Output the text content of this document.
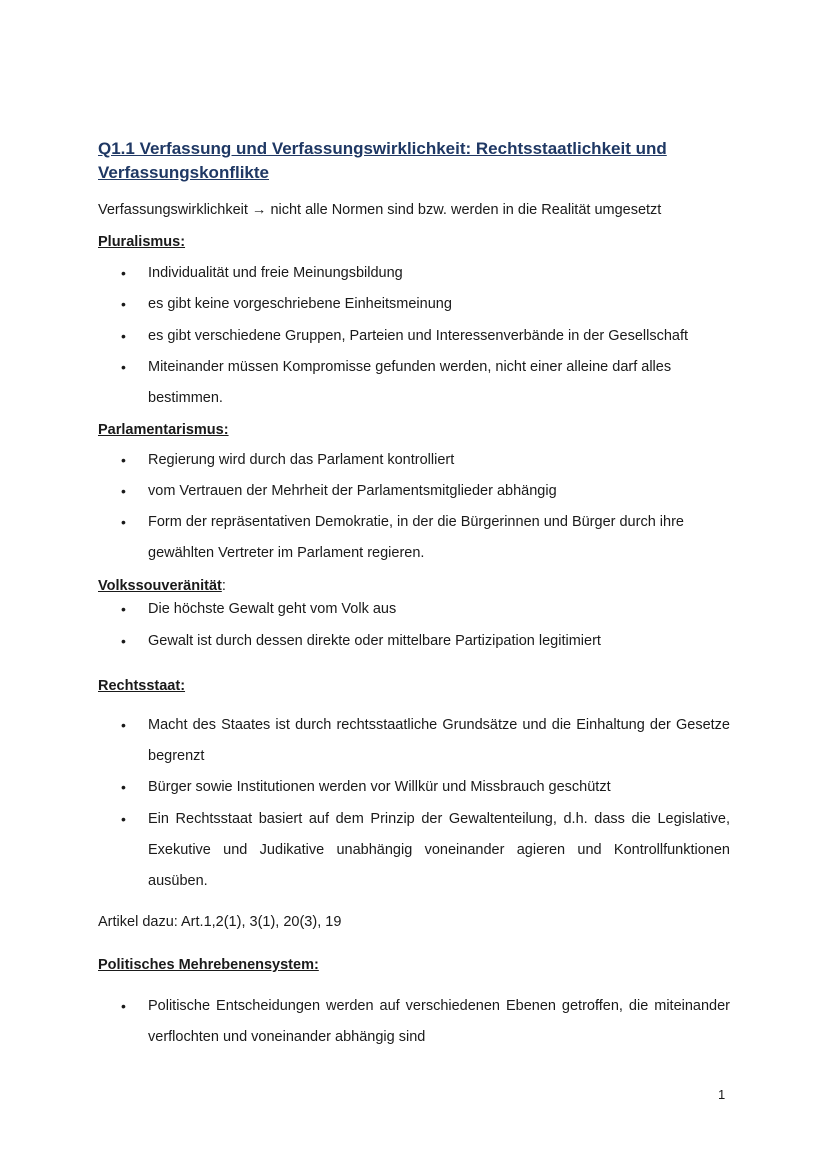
Q1.1 Verfassung und Verfassungswirklichkeit: Rechtsstaatlichkeit und Verfassungskonflikte

Verfassungswirklichkeit → nicht alle Normen sind bzw. werden in die Realität umgesetzt

Pluralismus:

•	Individualität und freie Meinungsbildung

•	es gibt keine vorgeschriebene Einheitsmeinung

•	es gibt verschiedene Gruppen, Parteien und Interessenverbände in der Gesellschaft

•	Miteinander müssen Kompromisse gefunden werden, nicht einer alleine darf alles bestimmen.

Parlamentarismus:

•	Regierung wird durch das Parlament kontrolliert

•	vom Vertrauen der Mehrheit der Parlamentsmitglieder abhängig

•	Form der repräsentativen Demokratie, in der die Bürgerinnen und Bürger durch ihre gewählten Vertreter im Parlament regieren.

Volkssouveränität:

•	Die höchste Gewalt geht vom Volk aus

•	Gewalt ist durch dessen direkte oder mittelbare Partizipation legitimiert

Rechtsstaat:

•	Macht des Staates ist durch rechtsstaatliche Grundsätze und die Einhaltung der Gesetze begrenzt

•	Bürger sowie Institutionen werden vor Willkür und Missbrauch geschützt

•	Ein Rechtsstaat basiert auf dem Prinzip der Gewaltenteilung, d.h. dass die Legislative, Exekutive und Judikative unabhängig voneinander agieren und Kontrollfunktionen ausüben.

Artikel dazu: Art.1,2(1), 3(1), 20(3), 19

Politisches Mehrebenensystem:

•	Politische Entscheidungen werden auf verschiedenen Ebenen getroffen, die miteinander verflochten und voneinander abhängig sind

1
